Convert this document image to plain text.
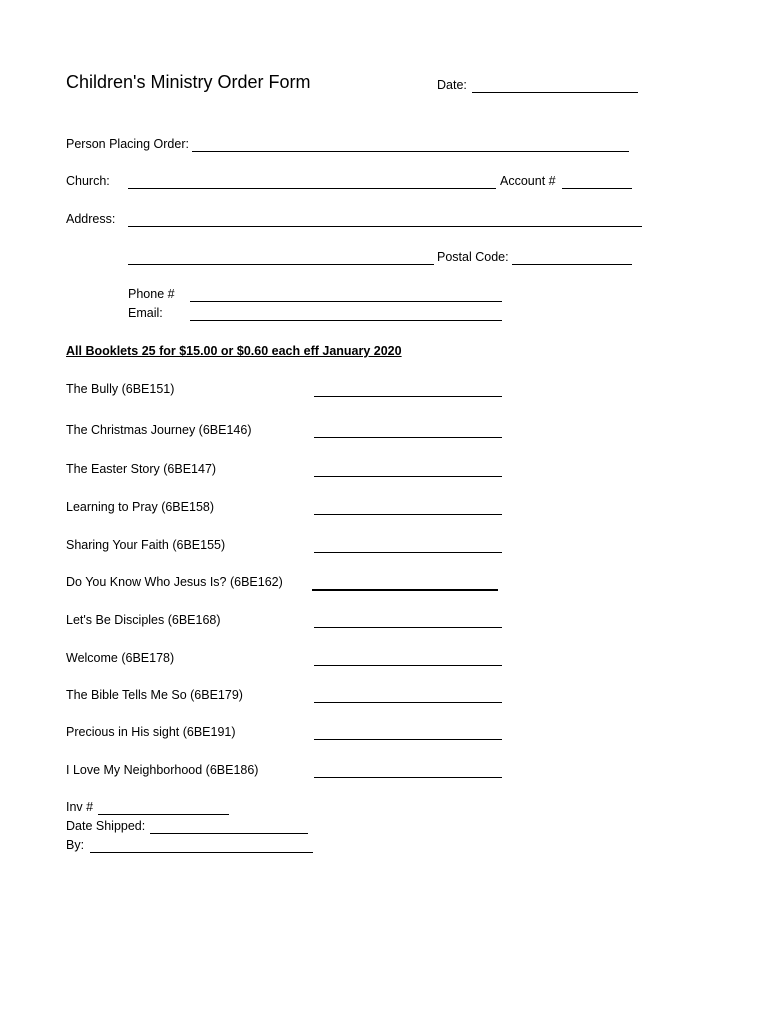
Children's Ministry Order Form	Date:
Person Placing Order:
Church:	Account #
Address:
Postal Code:
Phone #
Email:
All Booklets 25 for $15.00 or $0.60 each eff January 2020
The Bully (6BE151)
The Christmas Journey (6BE146)
The Easter Story (6BE147)
Learning to Pray (6BE158)
Sharing Your Faith (6BE155)
Do You Know Who Jesus Is? (6BE162)
Let's Be Disciples (6BE168)
Welcome (6BE178)
The Bible Tells Me So (6BE179)
Precious in His sight (6BE191)
I Love My Neighborhood (6BE186)
Inv #
Date Shipped:
By:
